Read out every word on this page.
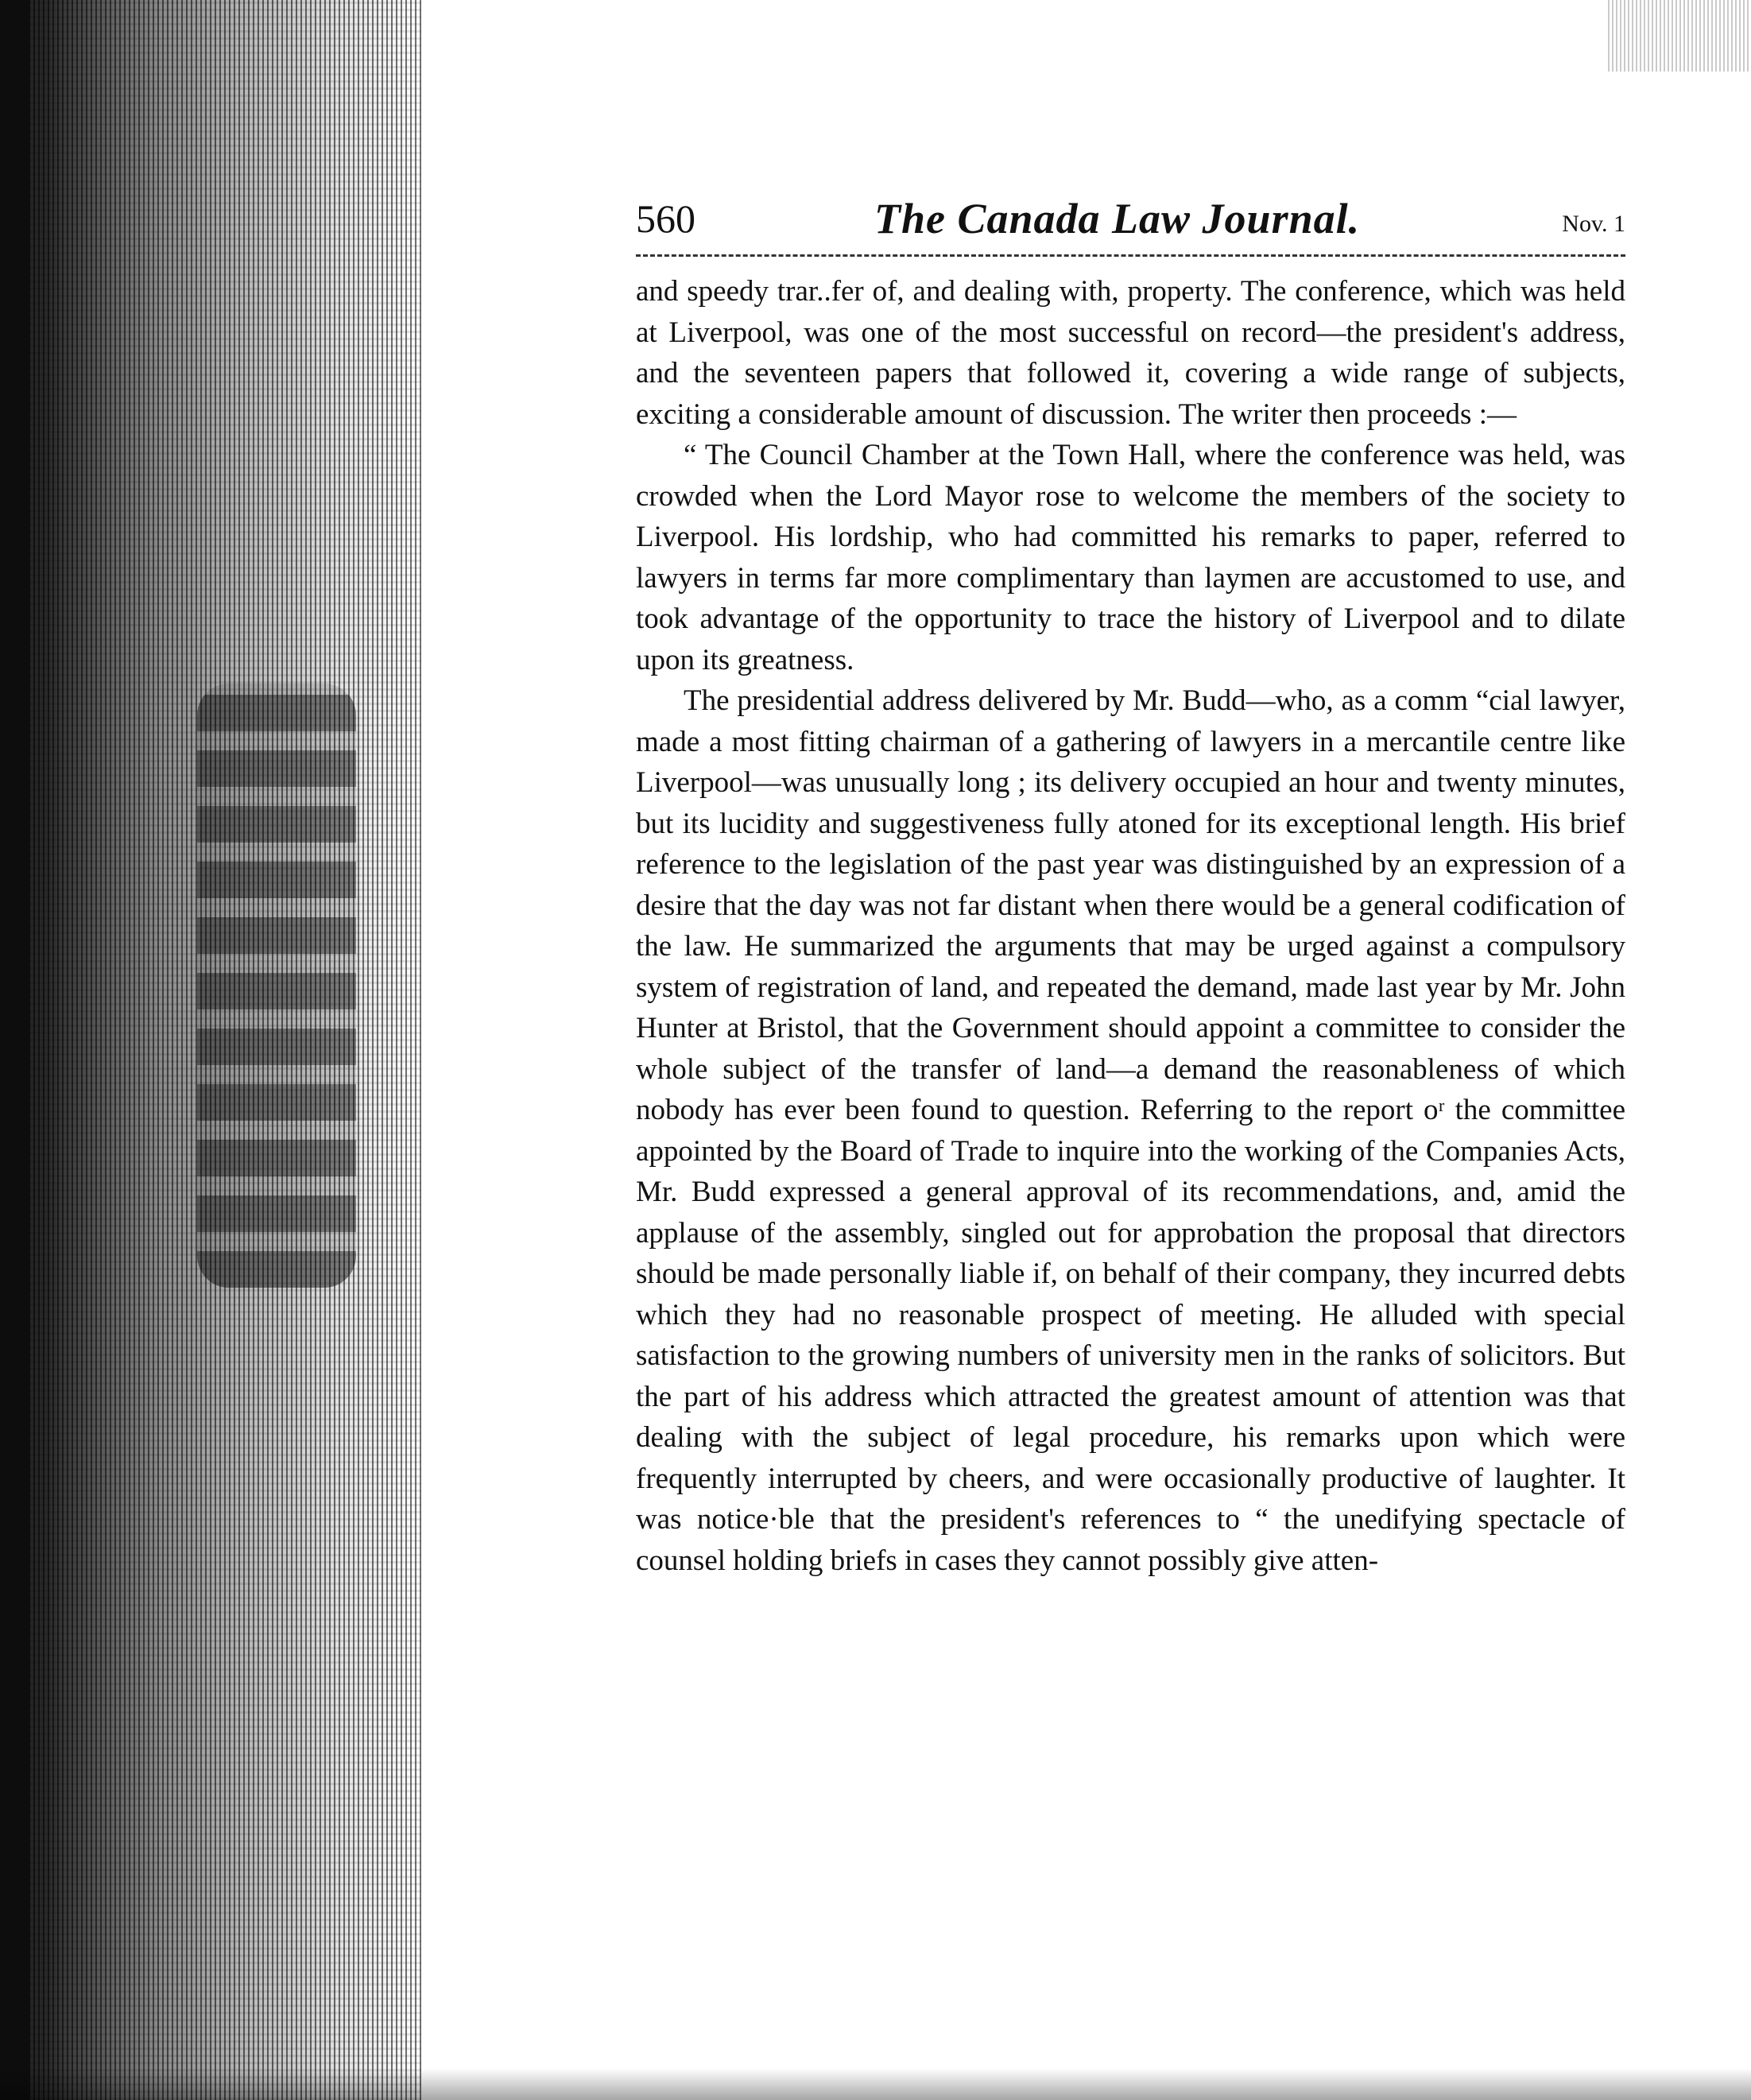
560	The Canada Law Journal.	Nov. 1

and speedy trar..fer of, and dealing with, property. The conference, which was held at Liverpool, was one of the most successful on record—the president's address, and the seventeen papers that followed it, covering a wide range of subjects, exciting a considerable amount of discussion. The writer then proceeds :—

“ The Council Chamber at the Town Hall, where the conference was held, was crowded when the Lord Mayor rose to welcome the members of the society to Liverpool. His lordship, who had committed his remarks to paper, referred to lawyers in terms far more complimentary than laymen are accustomed to use, and took advantage of the opportunity to trace the history of Liverpool and to dilate upon its greatness.

The presidential address delivered by Mr. Budd—who, as a comm “cial lawyer, made a most fitting chairman of a gathering of lawyers in a mercantile centre like Liverpool—was unusually long ; its delivery occupied an hour and twenty minutes, but its lucidity and suggestiveness fully atoned for its exceptional length. His brief reference to the legislation of the past year was distinguished by an expression of a desire that the day was not far distant when there would be a general codification of the law. He summarized the arguments that may be urged against a compulsory system of registration of land, and repeated the demand, made last year by Mr. John Hunter at Bristol, that the Government should appoint a committee to consider the whole subject of the transfer of land—a demand the reasonableness of which nobody has ever been found to question. Referring to the report oʳ the committee appointed by the Board of Trade to inquire into the working of the Companies Acts, Mr. Budd expressed a general approval of its recommendations, and, amid the applause of the assembly, singled out for approbation the proposal that directors should be made personally liable if, on behalf of their company, they incurred debts which they had no reasonable prospect of meeting. He alluded with special satisfaction to the growing numbers of university men in the ranks of solicitors. But the part of his address which attracted the greatest amount of attention was that dealing with the subject of legal procedure, his remarks upon which were frequently interrupted by cheers, and were occasionally productive of laughter. It was notice·ble that the president's references to “ the unedifying spectacle of counsel holding briefs in cases they cannot possibly give atten-
